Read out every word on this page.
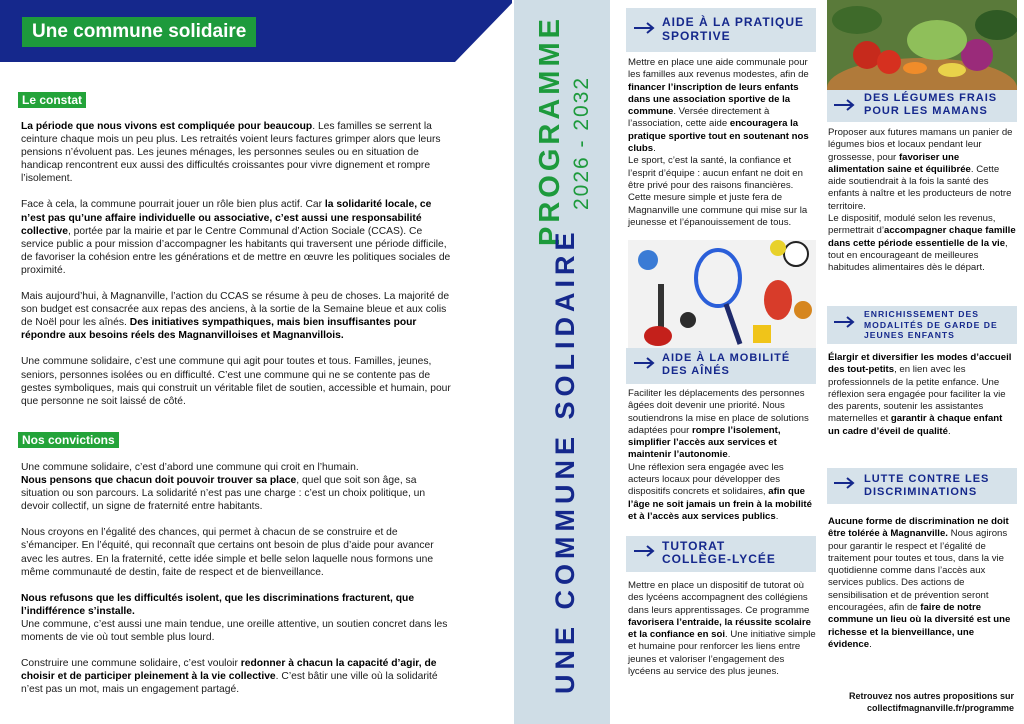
Une commune solidaire
Le constat

La période que nous vivons est compliquée pour beaucoup. Les familles se serrent la ceinture chaque mois un peu plus. Les retraités voient leurs factures grimper alors que leurs pensions n’évoluent pas. Les jeunes ménages, les personnes seules ou en situation de handicap rencontrent eux aussi des difficultés croissantes pour vivre dignement et rompre l’isolement.

Face à cela, la commune pourrait jouer un rôle bien plus actif. Car la solidarité locale, ce n’est pas qu’une affaire individuelle ou associative, c’est aussi une responsabilité collective, portée par la mairie et par le Centre Communal d’Action Sociale (CCAS). Ce service public a pour mission d’accompagner les habitants qui traversent une période difficile, de favoriser la cohésion entre les générations et de mettre en œuvre les politiques sociales de proximité.

Mais aujourd’hui, à Magnanville, l’action du CCAS se résume à peu de choses. La majorité de son budget est consacrée aux repas des anciens, à la sortie de la Semaine bleue et aux colis de Noël pour les aînés. Des initiatives sympathiques, mais bien insuffisantes pour répondre aux besoins réels des Magnanvilloises et Magnanvillois.

Une commune solidaire, c’est une commune qui agit pour toutes et tous. Familles, jeunes, seniors, personnes isolées ou en difficulté. C’est une commune qui ne se contente pas de gestes symboliques, mais qui construit un véritable filet de soutien, accessible et humain, pour que personne ne soit laissé de côté.

Nos convictions

Une commune solidaire, c’est d’abord une commune qui croit en l’humain.
Nous pensons que chacun doit pouvoir trouver sa place, quel que soit son âge, sa situation ou son parcours. La solidarité n’est pas une charge : c’est un choix politique, un devoir collectif, un signe de fraternité entre habitants.

Nous croyons en l’égalité des chances, qui permet à chacun de se construire et de s’émanciper. En l’équité, qui reconnaît que certains ont besoin de plus d’aide pour avancer avec les autres. En la fraternité, cette idée simple et belle selon laquelle nous formons une même communauté de destin, faite de respect et de bienveillance.

Nous refusons que les difficultés isolent, que les discriminations fracturent, que l’indifférence s’installe.
Une commune, c’est aussi une main tendue, une oreille attentive, un soutien concret dans les moments de vie où tout semble plus lourd.

Construire une commune solidaire, c’est vouloir redonner à chacun la capacité d’agir, de choisir et de participer pleinement à la vie collective. C’est bâtir une ville où la solidarité n’est pas un mot, mais un engagement partagé.

PROGRAMME 2026 - 2032
UNE COMMUNE SOLIDAIRE
AIDE À LA PRATIQUE
SPORTIVE

Mettre en place une aide communale pour les familles aux revenus modestes, afin de financer l’inscription de leurs enfants dans une association sportive de la commune. Versée directement à l’association, cette aide encouragera la pratique sportive tout en soutenant nos clubs.
Le sport, c’est la santé, la confiance et l’esprit d’équipe : aucun enfant ne doit en être privé pour des raisons financières. Cette mesure simple et juste fera de Magnanville une commune qui mise sur la jeunesse et l’épanouissement de tous.

AIDE À LA MOBILITÉ
DES AÎNÉS

Faciliter les déplacements des personnes âgées doit devenir une priorité. Nous soutiendrons la mise en place de solutions adaptées pour rompre l’isolement, simplifier l’accès aux services et maintenir l’autonomie.
Une réflexion sera engagée avec les acteurs locaux pour développer des dispositifs concrets et solidaires, afin que l’âge ne soit jamais un frein à la mobilité et à l’accès aux services publics.

TUTORAT
COLLÈGE-LYCÉE

Mettre en place un dispositif de tutorat où des lycéens accompagnent des collégiens dans leurs apprentissages. Ce programme favorisera l’entraide, la réussite scolaire et la confiance en soi. Une initiative simple et humaine pour renforcer les liens entre jeunes et valoriser l’engagement des lycéens au service des plus jeunes.

DES LÉGUMES FRAIS
POUR LES MAMANS

Proposer aux futures mamans un panier de légumes bios et locaux pendant leur grossesse, pour favoriser une alimentation saine et équilibrée. Cette aide soutiendrait à la fois la santé des enfants à naître et les producteurs de notre territoire.
Le dispositif, modulé selon les revenus, permettrait d’accompagner chaque famille dans cette période essentielle de la vie, tout en encourageant de meilleures habitudes alimentaires dès le départ.

ENRICHISSEMENT DES
MODALITÉS DE GARDE DE
JEUNES ENFANTS

Élargir et diversifier les modes d’accueil des tout-petits, en lien avec les professionnels de la petite enfance. Une réflexion sera engagée pour faciliter la vie des parents, soutenir les assistantes maternelles et garantir à chaque enfant un cadre d’éveil de qualité.

LUTTE CONTRE LES
DISCRIMINATIONS

Aucune forme de discrimination ne doit être tolérée à Magnanville. Nous agirons pour garantir le respect et l’égalité de traitement pour toutes et tous, dans la vie quotidienne comme dans l’accès aux services publics. Des actions de sensibilisation et de prévention seront encouragées, afin de faire de notre commune un lieu où la diversité est une richesse et la bienveillance, une évidence.

Retrouvez nos autres propositions sur
collectifmagnanville.fr/programme
